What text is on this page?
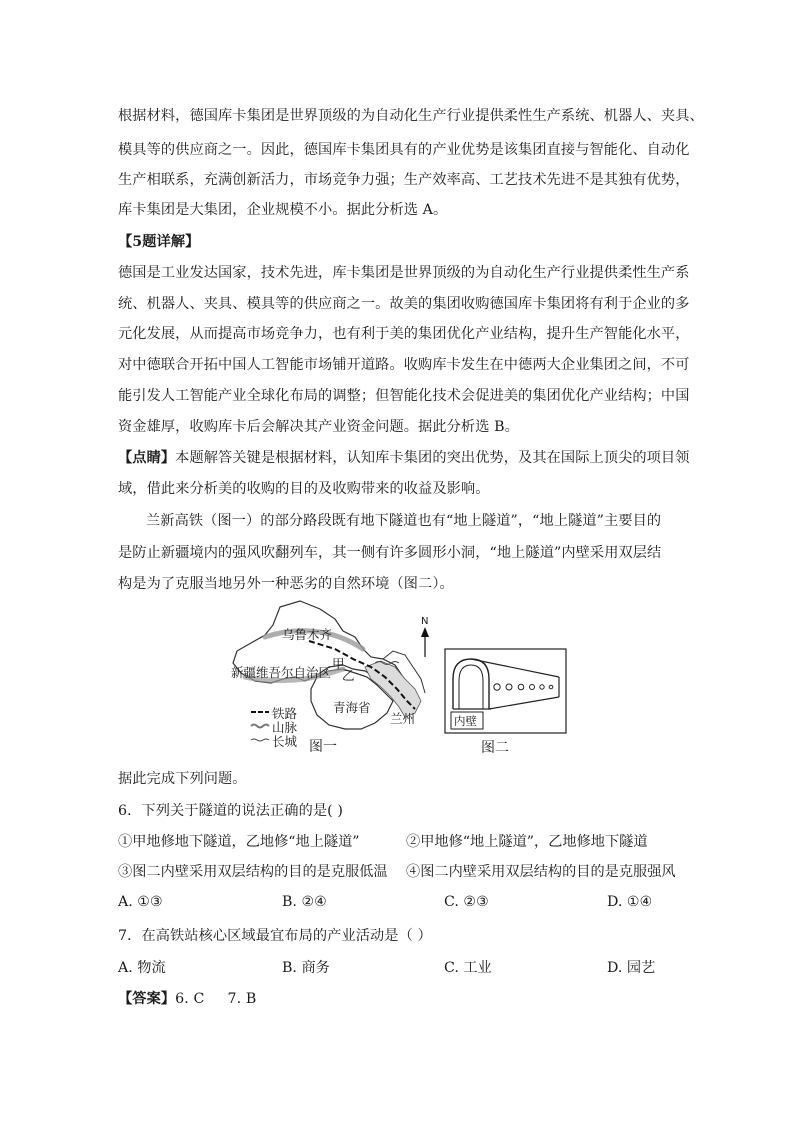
根据材料，德国库卡集团是世界顶级的为自动化生产行业提供柔性生产系统、机器人、夹具、
模具等的供应商之一。因此，德国库卡集团具有的产业优势是该集团直接与智能化、自动化
生产相联系，充满创新活力，市场竞争力强；生产效率高、工艺技术先进不是其独有优势，
库卡集团是大集团，企业规模不小。据此分析选 A。
【5题详解】
德国是工业发达国家，技术先进，库卡集团是世界顶级的为自动化生产行业提供柔性生产系
统、机器人、夹具、模具等的供应商之一。故美的集团收购德国库卡集团将有利于企业的多
元化发展，从而提高市场竞争力，也有利于美的集团优化产业结构，提升生产智能化水平，
对中德联合开拓中国人工智能市场铺开道路。收购库卡发生在中德两大企业集团之间，不可
能引发人工智能产业全球化布局的调整；但智能化技术会促进美的集团优化产业结构；中国
资金雄厚，收购库卡后会解决其产业资金问题。据此分析选 B。
【点睛】本题解答关键是根据材料，认知库卡集团的突出优势，及其在国际上顶尖的项目领
域，借此来分析美的收购的目的及收购带来的收益及影响。
兰新高铁（图一）的部分路段既有地下隧道也有“地上隧道”，“地上隧道”主要目的
是防止新疆境内的强风吹翻列车，其一侧有许多圆形小洞，“地上隧道”内壁采用双层结
构是为了克服当地另外一种恶劣的自然环境（图二）。
乌鲁木齐
新疆维吾尔自治区
甲
乙
青海省
兰州
铁路
山脉
长城 图一
N
内壁
图二
据此完成下列问题。
6．下列关于隧道的说法正确的是( )
①甲地修地下隧道，乙地修“地上隧道”	②甲地修“地上隧道”，乙地修地下隧道
③图二内壁采用双层结构的目的是克服低温 ④图二内壁采用双层结构的目的是克服强风
A. ①③	B. ②④	C. ②③	D. ①④
7．在高铁站核心区域最宜布局的产业活动是（ ）
A. 物流	B. 商务	C. 工业	D. 园艺
【答案】6. C     7. B
